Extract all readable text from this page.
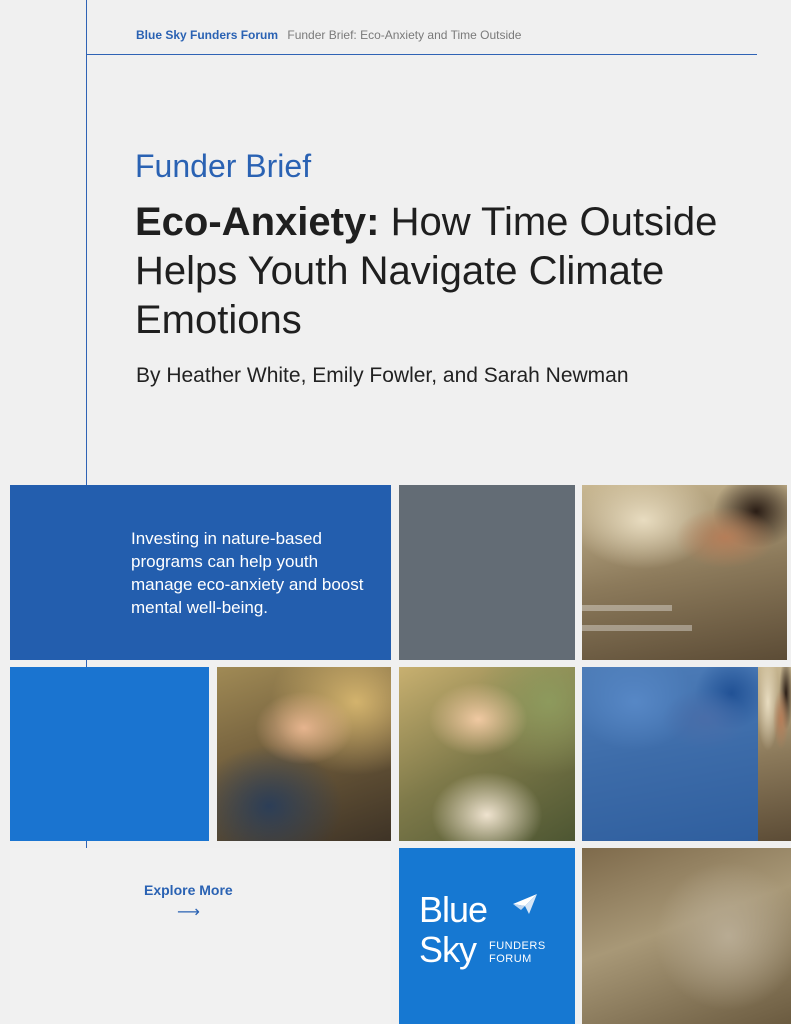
Blue Sky Funders Forum Funder Brief: Eco-Anxiety and Time Outside
Funder Brief
Eco-Anxiety: How Time Outside Helps Youth Navigate Climate Emotions
By Heather White, Emily Fowler, and Sarah Newman
Investing in nature-based programs can help youth manage eco-anxiety and boost mental well-being.
Explore More
⟶	Blue
Sky FUNDERS
FORUM
